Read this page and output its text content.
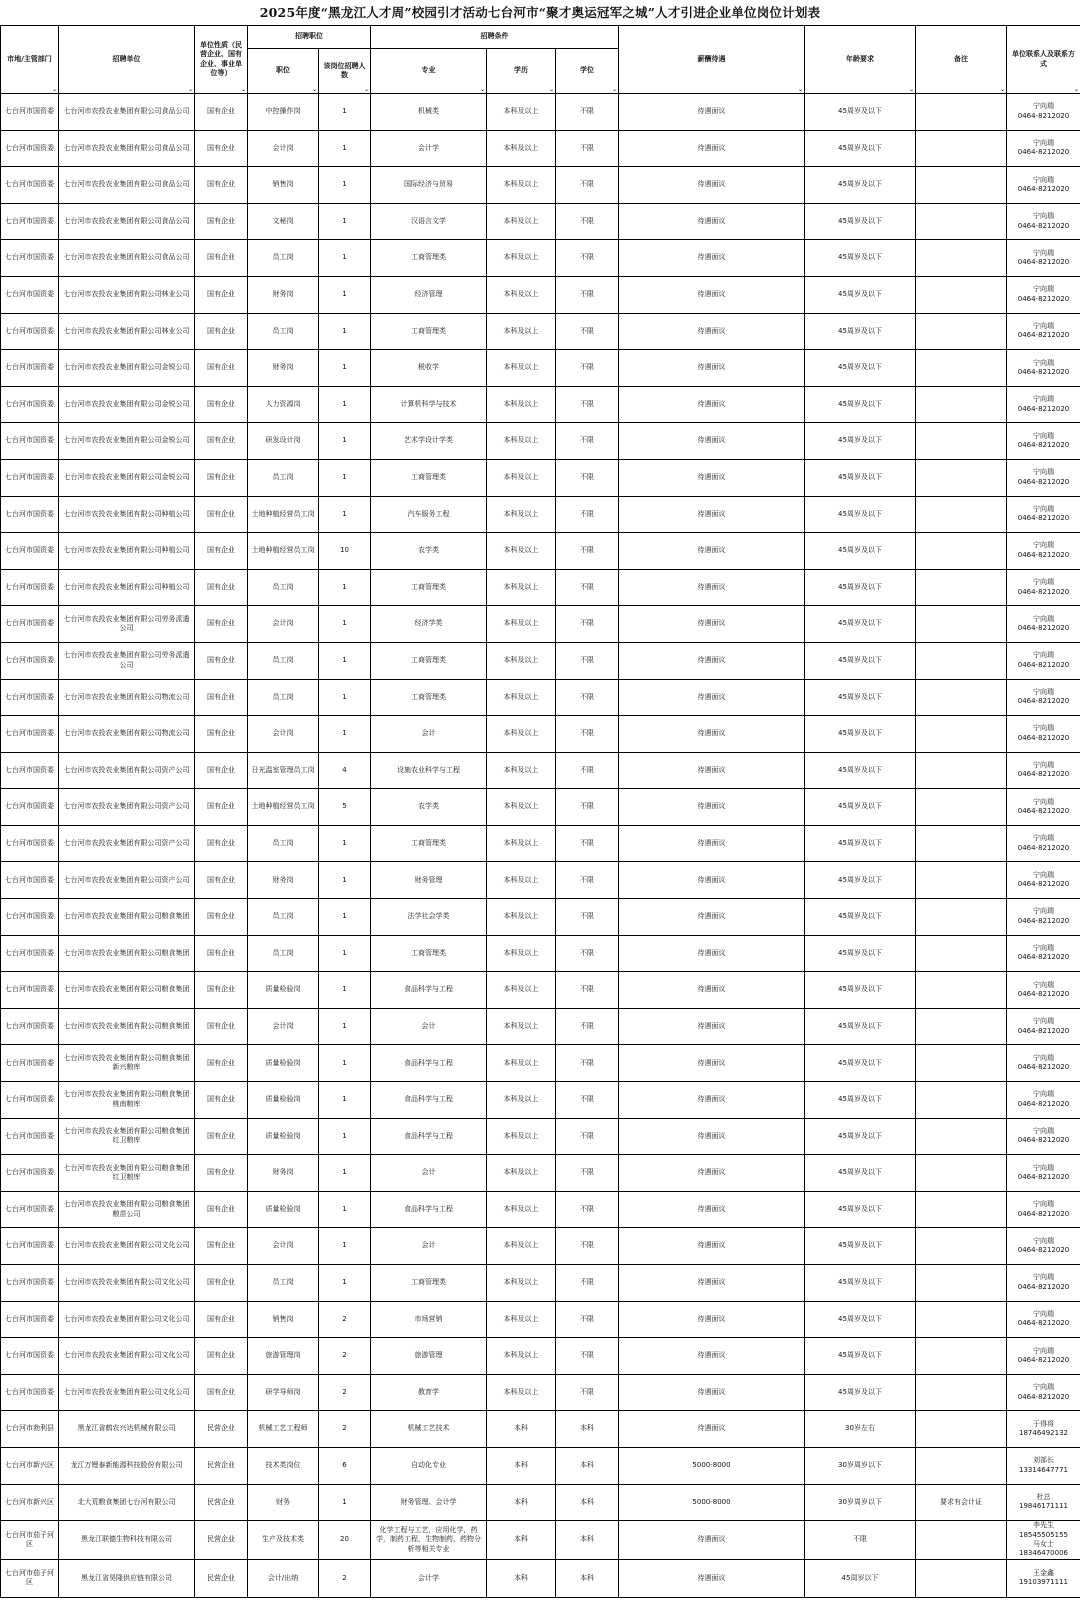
2025年度“黑龙江人才周”校园引才活动七台河市“聚才奥运冠军之城”人才引进企业单位岗位计划表
市地/主管部门 ⌄	招聘单位 ⌄	单位性质（民营企业、国有企业、事业单位等） ⌄	招聘职位		招聘条件			薪酬待遇 ⌄	年龄要求 ⌄	备注 ⌄	单位联系人及联系方式 ⌄
			职位 ⌄	该岗位招聘人数 ⌄	专业 ⌄	学历 ⌄	学位 ⌄
七台河市国资委	七台河市农投农业集团有限公司食品公司	国有企业	中控操作岗	1	机械类	本科及以上	不限	待遇面议	45周岁及以下		宁向瑞
0464-8212020

七台河市国资委	七台河市农投农业集团有限公司食品公司	国有企业	会计岗	1	会计学	本科及以上	不限	待遇面议	45周岁及以下		宁向瑞
0464-8212020

七台河市国资委	七台河市农投农业集团有限公司食品公司	国有企业	销售岗	1	国际经济与贸易	本科及以上	不限	待遇面议	45周岁及以下		宁向瑞
0464-8212020

七台河市国资委	七台河市农投农业集团有限公司食品公司	国有企业	文秘岗	1	汉语言文学	本科及以上	不限	待遇面议	45周岁及以下		宁向瑞
0464-8212020

七台河市国资委	七台河市农投农业集团有限公司食品公司	国有企业	员工岗	1	工商管理类	本科及以上	不限	待遇面议	45周岁及以下		宁向瑞
0464-8212020

七台河市国资委	七台河市农投农业集团有限公司林业公司	国有企业	财务岗	1	经济管理	本科及以上	不限	待遇面议	45周岁及以下		宁向瑞
0464-8212020

七台河市国资委	七台河市农投农业集团有限公司林业公司	国有企业	员工岗	1	工商管理类	本科及以上	不限	待遇面议	45周岁及以下		宁向瑞
0464-8212020

七台河市国资委	七台河市农投农业集团有限公司金锐公司	国有企业	财务岗	1	税收学	本科及以上	不限	待遇面议	45周岁及以下		宁向瑞
0464-8212020

七台河市国资委	七台河市农投农业集团有限公司金锐公司	国有企业	人力资源岗	1	计算机科学与技术	本科及以上	不限	待遇面议	45周岁及以下		宁向瑞
0464-8212020

七台河市国资委	七台河市农投农业集团有限公司金锐公司	国有企业	研发设计岗	1	艺术学设计学类	本科及以上	不限	待遇面议	45周岁及以下		宁向瑞
0464-8212020

七台河市国资委	七台河市农投农业集团有限公司金锐公司	国有企业	员工岗	1	工商管理类	本科及以上	不限	待遇面议	45周岁及以下		宁向瑞
0464-8212020

七台河市国资委	七台河市农投农业集团有限公司种植公司	国有企业	土地种植经营员工岗	1	汽车服务工程	本科及以上	不限	待遇面议	45周岁及以下		宁向瑞
0464-8212020

七台河市国资委	七台河市农投农业集团有限公司种植公司	国有企业	土地种植经营员工岗	10	农学类	本科及以上	不限	待遇面议	45周岁及以下		宁向瑞
0464-8212020

七台河市国资委	七台河市农投农业集团有限公司种植公司	国有企业	员工岗	1	工商管理类	本科及以上	不限	待遇面议	45周岁及以下		宁向瑞
0464-8212020

七台河市国资委	七台河市农投农业集团有限公司劳务派遣公司	国有企业	会计岗	1	经济学类	本科及以上	不限	待遇面议	45周岁及以下		宁向瑞
0464-8212020

七台河市国资委	七台河市农投农业集团有限公司劳务派遣公司	国有企业	员工岗	1	工商管理类	本科及以上	不限	待遇面议	45周岁及以下		宁向瑞
0464-8212020

七台河市国资委	七台河市农投农业集团有限公司物流公司	国有企业	员工岗	1	工商管理类	本科及以上	不限	待遇面议	45周岁及以下		宁向瑞
0464-8212020

七台河市国资委	七台河市农投农业集团有限公司物流公司	国有企业	会计岗	1	会计	本科及以上	不限	待遇面议	45周岁及以下		宁向瑞
0464-8212020

七台河市国资委	七台河市农投农业集团有限公司资产公司	国有企业	日光温室管理员工岗	4	设施农业科学与工程	本科及以上	不限	待遇面议	45周岁及以下		宁向瑞
0464-8212020

七台河市国资委	七台河市农投农业集团有限公司资产公司	国有企业	土地种植经营员工岗	5	农学类	本科及以上	不限	待遇面议	45周岁及以下		宁向瑞
0464-8212020

七台河市国资委	七台河市农投农业集团有限公司资产公司	国有企业	员工岗	1	工商管理类	本科及以上	不限	待遇面议	45周岁及以下		宁向瑞
0464-8212020

七台河市国资委	七台河市农投农业集团有限公司资产公司	国有企业	财务岗	1	财务管理	本科及以上	不限	待遇面议	45周岁及以下		宁向瑞
0464-8212020

七台河市国资委	七台河市农投农业集团有限公司粮食集团	国有企业	员工岗	1	法学社会学类	本科及以上	不限	待遇面议	45周岁及以下		宁向瑞
0464-8212020

七台河市国资委	七台河市农投农业集团有限公司粮食集团	国有企业	员工岗	1	工商管理类	本科及以上	不限	待遇面议	45周岁及以下		宁向瑞
0464-8212020

七台河市国资委	七台河市农投农业集团有限公司粮食集团	国有企业	质量检验岗	1	食品科学与工程	本科及以上	不限	待遇面议	45周岁及以下		宁向瑞
0464-8212020

七台河市国资委	七台河市农投农业集团有限公司粮食集团	国有企业	会计岗	1	会计	本科及以上	不限	待遇面议	45周岁及以下		宁向瑞
0464-8212020

七台河市国资委	七台河市农投农业集团有限公司粮食集团新兴粮库	国有企业	质量检验岗	1	食品科学与工程	本科及以上	不限	待遇面议	45周岁及以下		宁向瑞
0464-8212020

七台河市国资委	七台河市农投农业集团有限公司粮食集团桃南粮库	国有企业	质量检验岗	1	食品科学与工程	本科及以上	不限	待遇面议	45周岁及以下		宁向瑞
0464-8212020

七台河市国资委	七台河市农投农业集团有限公司粮食集团红卫粮库	国有企业	质量检验岗	1	食品科学与工程	本科及以上	不限	待遇面议	45周岁及以下		宁向瑞
0464-8212020

七台河市国资委	七台河市农投农业集团有限公司粮食集团红卫粮库	国有企业	财务岗	1	会计	本科及以上	不限	待遇面议	45周岁及以下		宁向瑞
0464-8212020

七台河市国资委	七台河市农投农业集团有限公司粮食集团粮苗公司	国有企业	质量检验岗	1	食品科学与工程	本科及以上	不限	待遇面议	45周岁及以下		宁向瑞
0464-8212020

七台河市国资委	七台河市农投农业集团有限公司文化公司	国有企业	会计岗	1	会计	本科及以上	不限	待遇面议	45周岁及以下		宁向瑞
0464-8212020

七台河市国资委	七台河市农投农业集团有限公司文化公司	国有企业	员工岗	1	工商管理类	本科及以上	不限	待遇面议	45周岁及以下		宁向瑞
0464-8212020

七台河市国资委	七台河市农投农业集团有限公司文化公司	国有企业	销售岗	2	市场营销	本科及以上	不限	待遇面议	45周岁及以下		宁向瑞
0464-8212020

七台河市国资委	七台河市农投农业集团有限公司文化公司	国有企业	旅游管理岗	2	旅游管理	本科及以上	不限	待遇面议	45周岁及以下		宁向瑞
0464-8212020

七台河市国资委	七台河市农投农业集团有限公司文化公司	国有企业	研学导师岗	2	教育学	本科及以上	不限	待遇面议	45周岁及以下		宁向瑞
0464-8212020

七台河市勃利县	黑龙江省鹤农兴达机械有限公司	民营企业	机械工艺工程师	2	机械工艺技术	本科	本科	待遇面议	30岁左右		于得将
18746492132

七台河市新兴区	龙江万锂泰新能源科技股份有限公司	民营企业	技术类岗位	6	自动化专业	本科	本科	5000-8000	30岁周岁以下		刘部长
13314647771

七台河市新兴区	北大荒粮食集团七台河有限公司	民营企业	财务	1	财务管理、会计学	本科	本科	5000-8000	30岁周岁以下	要求有会计证	杜总
19846171111

七台河市茄子河区	黑龙江联德生物科技有限公司	民营企业	生产及技术类	20	化学工程与工艺，应用化学，药学，制药工程，生物制药，药物分析等相关专业	本科	本科	待遇面议	不限		李先生18545505155
马女士18346470006

七台河市茄子河区	黑龙江省昊隆供应链有限公司	民营企业	会计/出纳	2	会计学	本科	本科	待遇面议	45周岁以下		王金鑫
19103971111
